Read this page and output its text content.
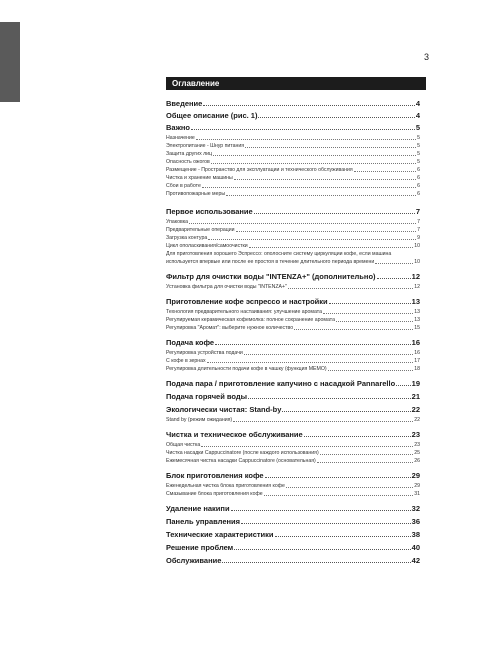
3
Оглавление
Введение	4
Общее описание (рис. 1)	4
Важно	5
Назначение	5
Электропитание - Шнур питания	5
Защита других лиц	5
Опасность ожогов	5
Размещение - Пространство для эксплуатации и технического обслуживания	6
Чистка и хранение машины	6
Сбои в работе	6
Противопожарные меры	6
Первое использование	7
Упаковка	7
Предварительные операции	7
Загрузка контура	9
Цикл ополаскивания/самоочистки	10
Для приготовления хорошего Эспрессо: ополосните систему циркуляции кофе, если машина
используется впервые или после ее простоя в течение длительного периода времени	10
Фильтр для очистки воды "INTENZA+" (дополнительно)	12
Установка фильтра для очистки воды "INTENZA+"	12
Приготовление кофе эспрессо и настройки	13
Технология предварительного настаивания: улучшение аромата	13
Регулируемая керамическая кофемолка: полное сохранение аромата	13
Регулировка "Аромат": выберите нужное количество	15
Подача кофе	16
Регулировка устройства подачи	16
С кофе в зернах	17
Регулировка длительности подачи кофе в чашку (функция MEMO)	18
Подача пара / приготовление капучино с насадкой Pannarello 19
Подача горячей воды	21
Экологически чистая: Stand-by	22
Stand by (режим ожидания)	22
Чистка и техническое обслуживание	23
Общая чистка	23
Чистка насадки Cappuccinatore (после каждого использования)	25
Ежемесячная чистка насадки Cappuccinatore (основательная)	26
Блок приготовления кофе	29
Еженедельная чистка блока приготовления кофе	29
Смазывание блока приготовления кофе	31
Удаление накипи	32
Панель управления	36
Технические характеристики	38
Решение проблем	40
Обслуживание	42
